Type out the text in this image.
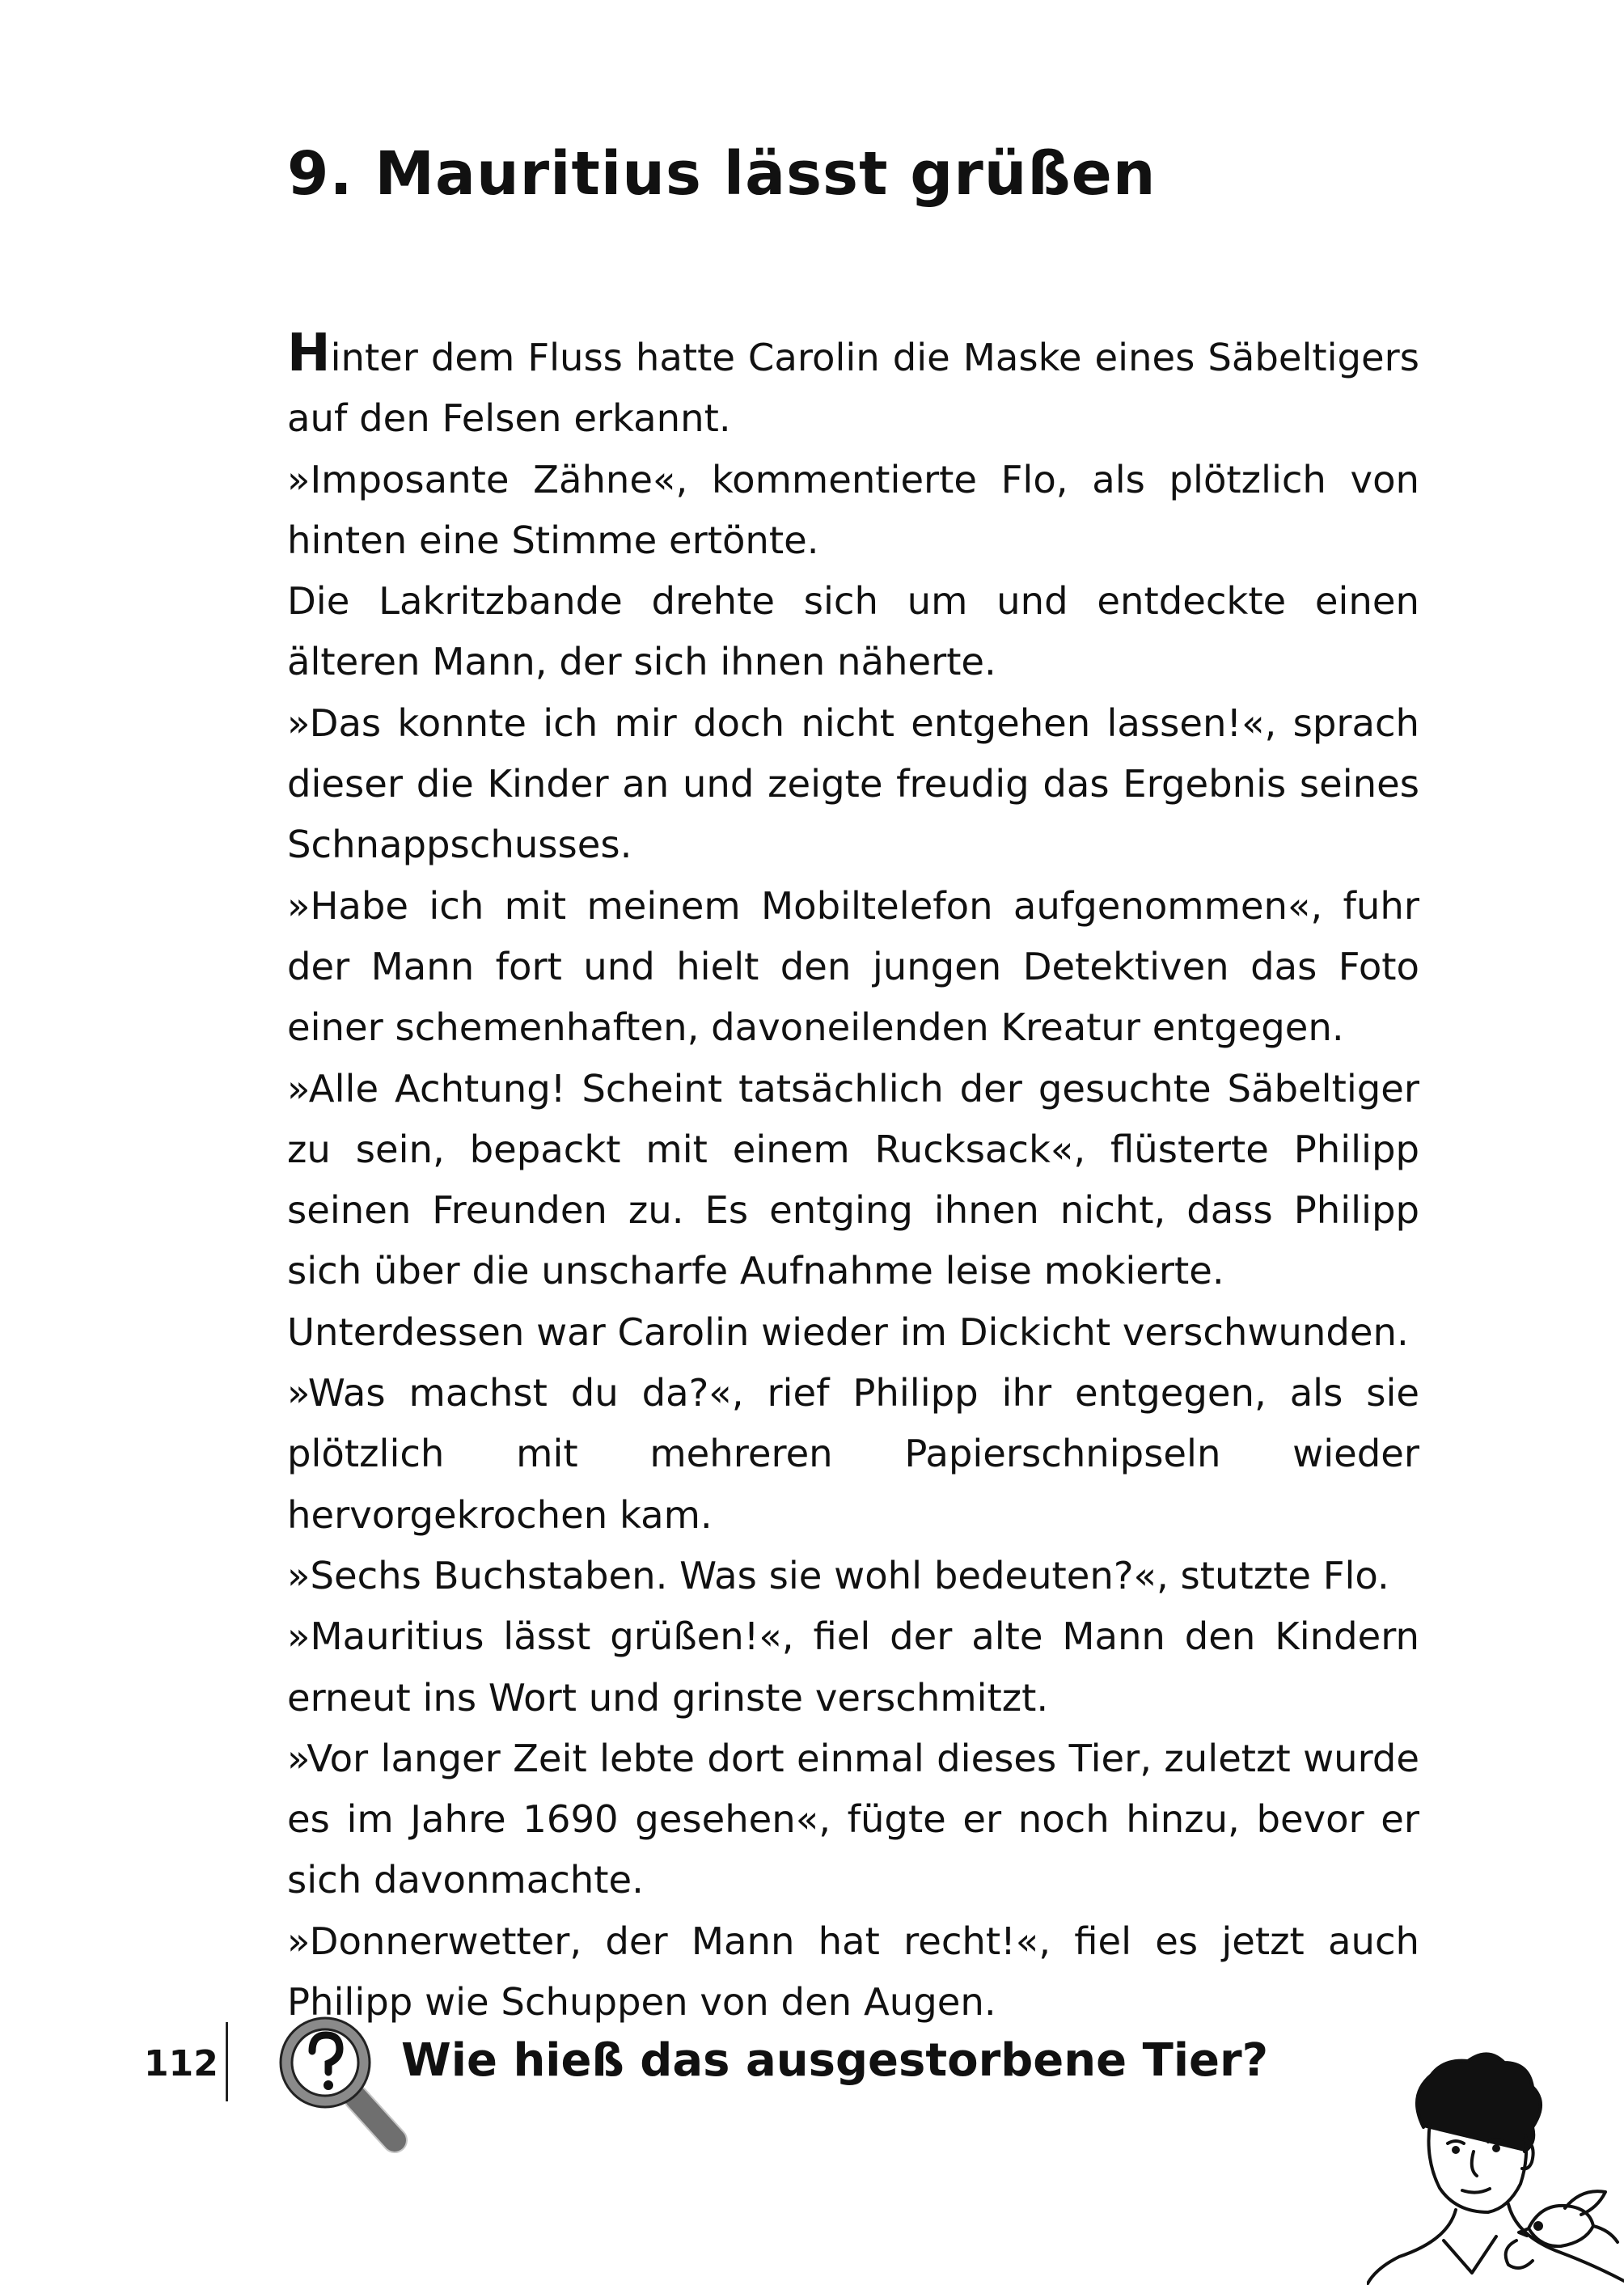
9. Mauritius lässt grüßen

Hinter dem Fluss hatte Carolin die Maske eines Säbeltigers auf den Felsen erkannt.

»Imposante Zähne«, kommentierte Flo, als plötzlich von hinten eine Stimme ertönte.

Die Lakritzbande drehte sich um und entdeckte einen älteren Mann, der sich ihnen näherte.

»Das konnte ich mir doch nicht entgehen lassen!«, sprach dieser die Kinder an und zeigte freudig das Ergebnis seines Schnappschusses.

»Habe ich mit meinem Mobiltelefon aufgenommen«, fuhr der Mann fort und hielt den jungen Detektiven das Foto einer schemenhaften, davoneilenden Kreatur entgegen.

»Alle Achtung! Scheint tatsächlich der gesuchte Säbeltiger zu sein, bepackt mit einem Rucksack«, flüsterte Philipp seinen Freunden zu. Es entging ihnen nicht, dass Philipp sich über die unscharfe Aufnahme leise mokierte.

Unterdessen war Carolin wieder im Dickicht verschwunden.

»Was machst du da?«, rief Philipp ihr entgegen, als sie plötzlich mit mehreren Papierschnipseln wieder hervorgekrochen kam.

»Sechs Buchstaben. Was sie wohl bedeuten?«, stutzte Flo.

»Mauritius lässt grüßen!«, fiel der alte Mann den Kindern erneut ins Wort und grinste verschmitzt.

»Vor langer Zeit lebte dort einmal dieses Tier, zuletzt wurde es im Jahre 1690 gesehen«, fügte er noch hinzu, bevor er sich davonmachte.

»Donnerwetter, der Mann hat recht!«, fiel es jetzt auch Philipp wie Schuppen von den Augen.

112	Wie hieß das ausgestorbene Tier?
